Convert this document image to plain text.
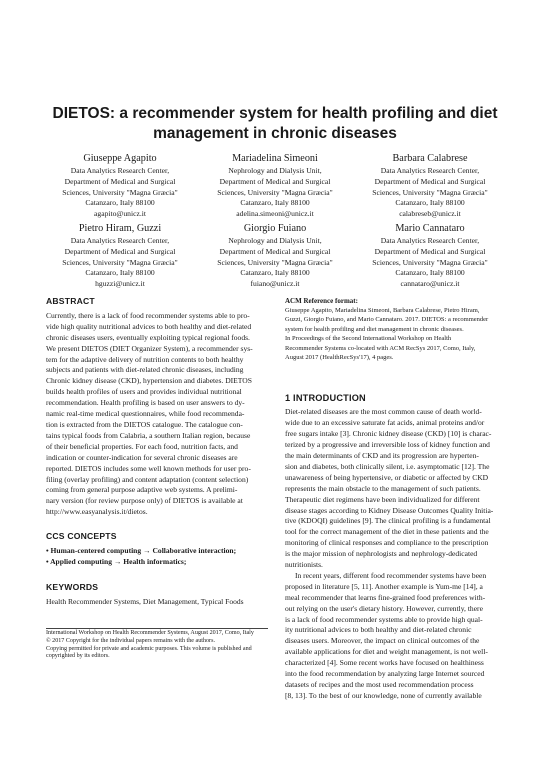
DIETOS: a recommender system for health profiling and diet
management in chronic diseases
Giuseppe Agapito
Data Analytics Research Center,
Department of Medical and Surgical
Sciences, University "Magna Græcia"
Catanzaro, Italy 88100
agapito@unicz.it
Mariadelina Simeoni
Nephrology and Dialysis Unit,
Department of Medical and Surgical
Sciences, University "Magna Græcia"
Catanzaro, Italy 88100
adelina.simeoni@unicz.it
Barbara Calabrese
Data Analytics Research Center,
Department of Medical and Surgical
Sciences, University "Magna Græcia"
Catanzaro, Italy 88100
calabreseb@unicz.it
Pietro Hiram, Guzzi
Data Analytics Research Center,
Department of Medical and Surgical
Sciences, University "Magna Græcia"
Catanzaro, Italy 88100
hguzzi@unicz.it
Giorgio Fuiano
Nephrology and Dialysis Unit,
Department of Medical and Surgical
Sciences, University "Magna Græcia"
Catanzaro, Italy 88100
fuiano@unicz.it
Mario Cannataro
Data Analytics Research Center,
Department of Medical and Surgical
Sciences, University "Magna Græcia"
Catanzaro, Italy 88100
cannataro@unicz.it
ABSTRACT
Currently, there is a lack of food recommender systems able to pro-
vide high quality nutritional advices to both healthy and diet-related
chronic diseases users, eventually exploiting typical regional foods.
We present DIETOS (DIET Organizer System), a recommender sys-
tem for the adaptive delivery of nutrition contents to both healthy
subjects and patients with diet-related chronic diseases, including
Chronic kidney disease (CKD), hypertension and diabetes. DIETOS
builds health profiles of users and provides individual nutritional
recommendation. Health profiling is based on user answers to dy-
namic real-time medical questionnaires, while food recommenda-
tion is extracted from the DIETOS catalogue. The catalogue con-
tains typical foods from Calabria, a southern Italian region, because
of their beneficial properties. For each food, nutrition facts, and
indication or counter-indication for several chronic diseases are
reported. DIETOS includes some well known methods for user pro-
filing (overlay profiling) and content adaptation (content selection)
coming from general purpose adaptive web systems. A prelimi-
nary version (for review purpose only) of DIETOS is available at
http://www.easyanalysis.it/dietos.
CCS CONCEPTS
• Human-centered computing → Collaborative interaction;
• Applied computing → Health informatics;
KEYWORDS
Health Recommender Systems, Diet Management, Typical Foods
International Workshop on Health Recommender Systems, August 2017, Como, Italy
© 2017 Copyright for the individual papers remains with the authors.
Copying permitted for private and academic purposes. This volume is published and
copyrighted by its editors.
ACM Reference format:
Giuseppe Agapito, Mariadelina Simeoni, Barbara Calabrese, Pietro Hiram,
Guzzi, Giorgio Fuiano, and Mario Cannataro. 2017. DIETOS: a recommender
system for health profiling and diet management in chronic diseases.
In Proceedings of the Second International Workshop on Health
Recommender Systems co-located with ACM RecSys 2017, Como, Italy,
August 2017 (HealthRecSys'17), 4 pages.
1 INTRODUCTION
Diet-related diseases are the most common cause of death world-
wide due to an excessive saturate fat acids, animal proteins and/or
free sugars intake [3]. Chronic kidney disease (CKD) [10] is charac-
terized by a progressive and irreversible loss of kidney function and
the main determinants of CKD and its progression are hyperten-
sion and diabetes, both clinically silent, i.e. asymptomatic [12]. The
unawareness of being hypertensive, or diabetic or affected by CKD
represents the main obstacle to the management of such patients.
Therapeutic diet regimens have been individualized for different
disease stages according to Kidney Disease Outcomes Quality Initia-
tive (KDOQI) guidelines [9]. The clinical profiling is a fundamental
tool for the correct management of the diet in these patients and the
monitoring of clinical responses and compliance to the prescription
is the major mission of nephrologists and nephrology-dedicated
nutritionists.
In recent years, different food recommender systems have been
proposed in literature [5, 11]. Another example is Yum-me [14], a
meal recommender that learns fine-grained food preferences with-
out relying on the user's dietary history. However, currently, there
is a lack of food recommender systems able to provide high qual-
ity nutritional advices to both healthy and diet-related chronic
diseases users. Moreover, the impact on clinical outcomes of the
available applications for diet and weight management, is not well-
characterized [4]. Some recent works have focused on healthiness
into the food recommendation by analyzing large Internet sourced
datasets of recipes and the most used recommendation process
[8, 13]. To the best of our knowledge, none of currently available
